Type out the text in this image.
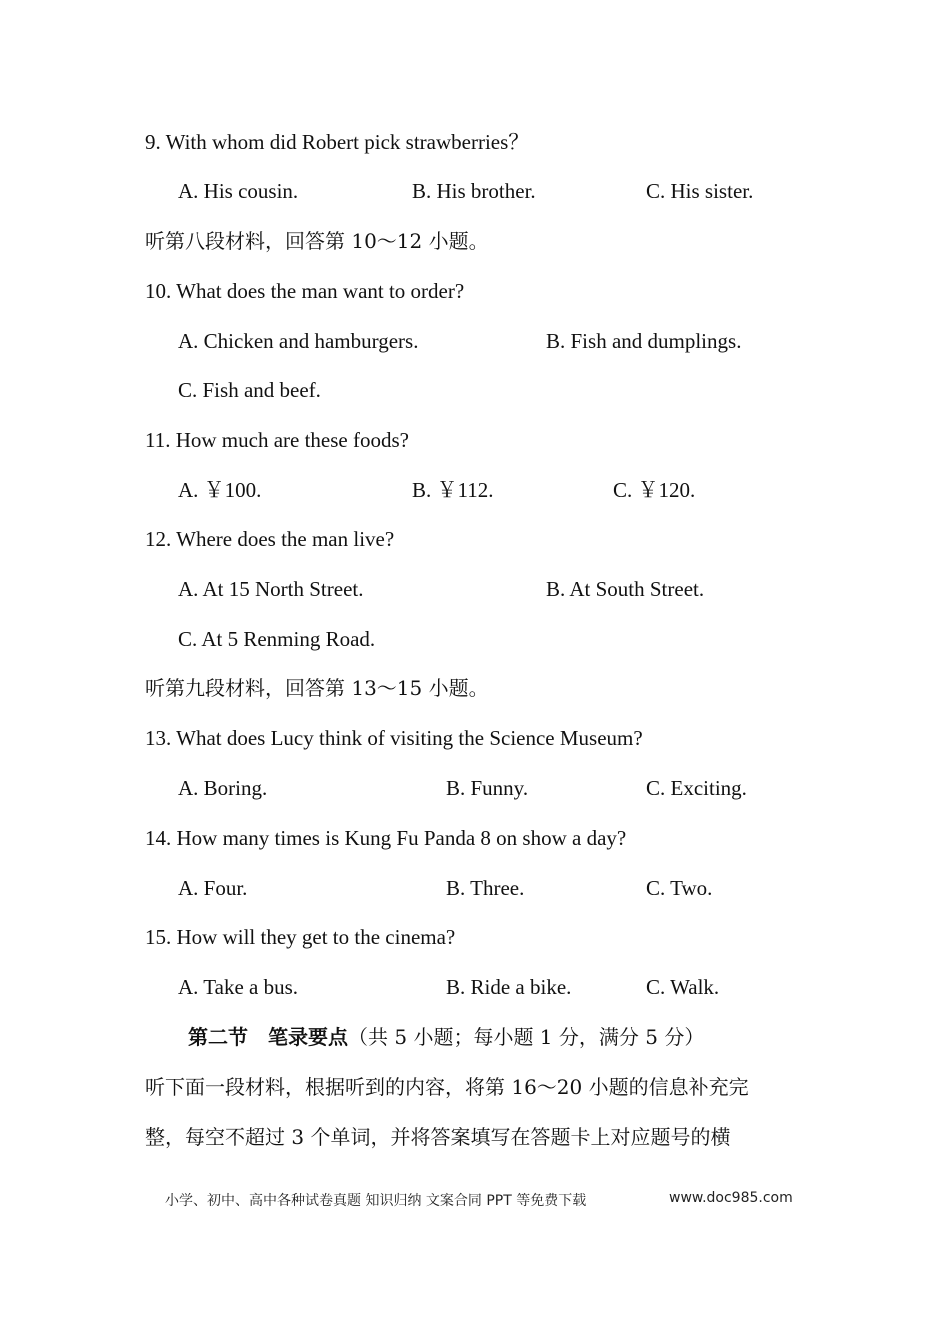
9. With whom did Robert pick strawberries？
A. His cousin.	B. His brother.	C. His sister.
听第八段材料，回答第 10～12 小题。
10. What does the man want to order?
A. Chicken and hamburgers.	B. Fish and dumplings.
C. Fish and beef.
11. How much are these foods?
A. ￥100.	B. ￥112.	C. ￥120.
12. Where does the man live?
A. At 15 North Street.	B. At South Street.
C. At 5 Renming Road.
听第九段材料，回答第 13～15 小题。
13. What does Lucy think of visiting the Science Museum?
A. Boring.	B. Funny.	C. Exciting.
14. How many times is Kung Fu Panda 8 on show a day?
A. Four.	B. Three.	C. Two.
15. How will they get to the cinema?
A. Take a bus.	B. Ride a bike.	C. Walk.
第二节　笔录要点（共 5 小题；每小题 1 分，满分 5 分）
听下面一段材料，根据听到的内容，将第 16～20 小题的信息补充完
整，每空不超过 3 个单词，并将答案填写在答题卡上对应题号的横
小学、初中、高中各种试卷真题 知识归纳 文案合同 PPT 等免费下载	www.doc985.com
